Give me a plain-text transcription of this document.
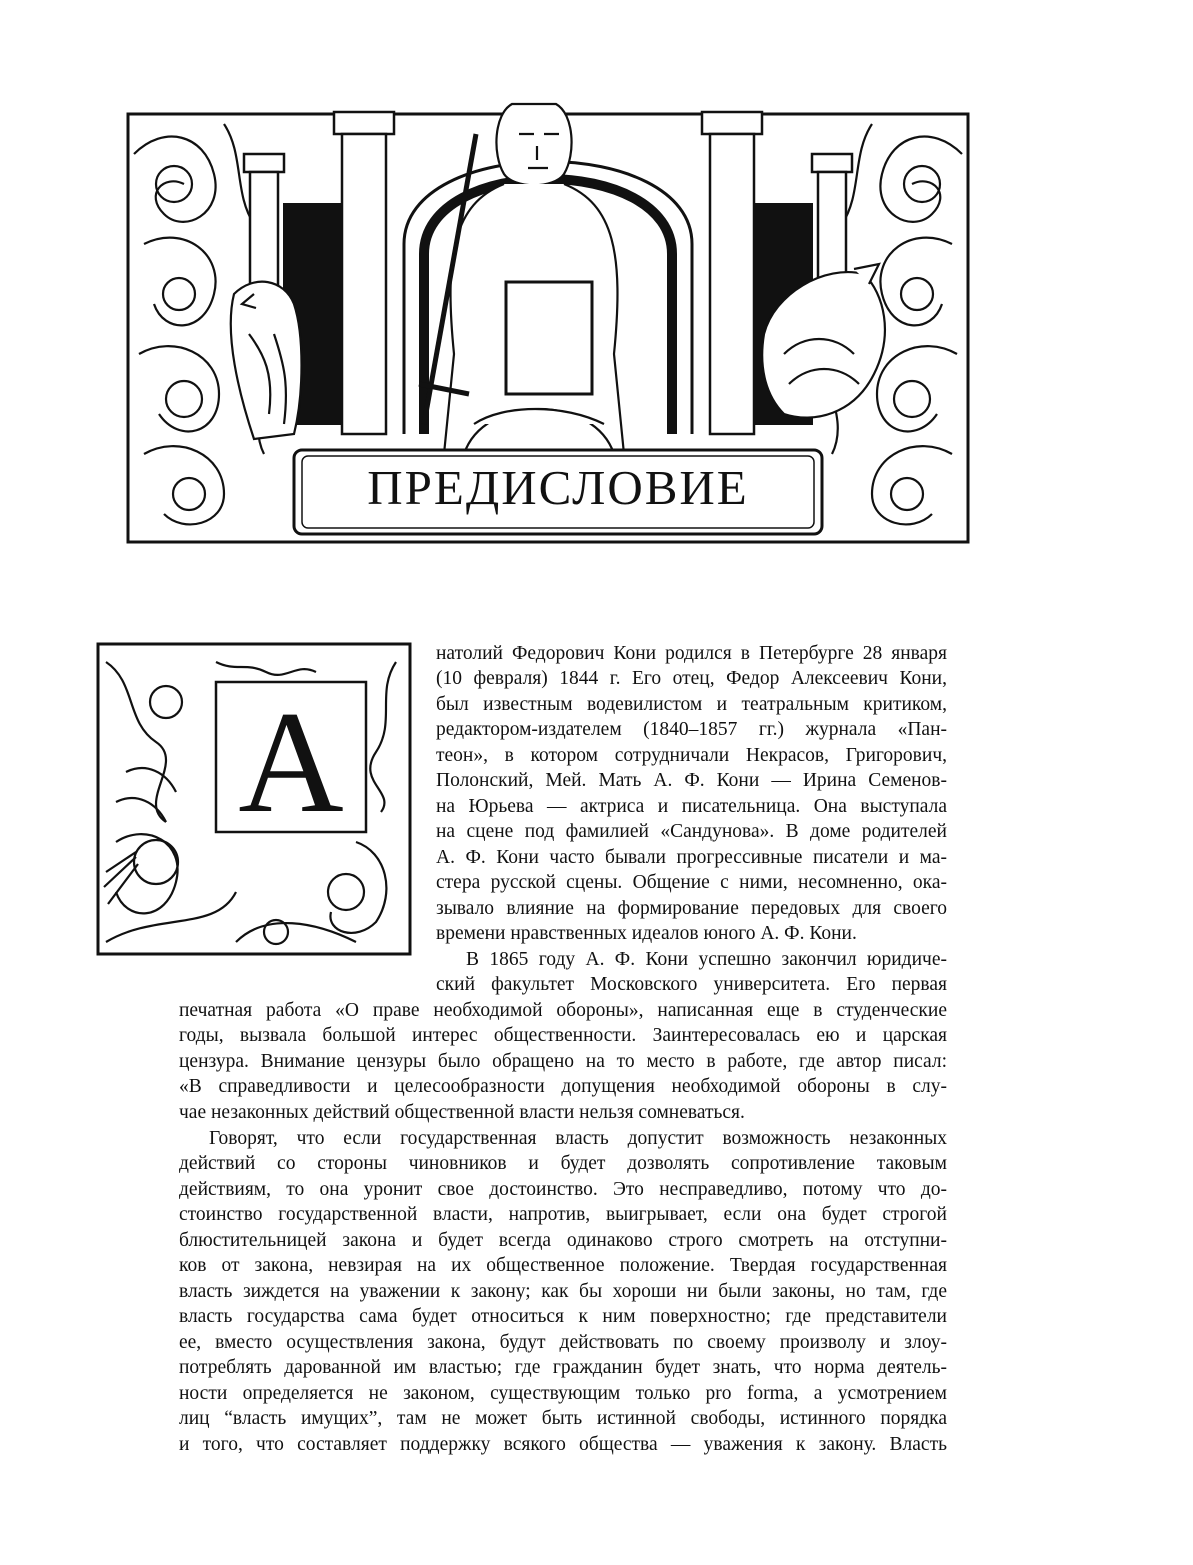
ПРЕДИСЛОВИЕ
А
натолий Федорович Кони родился в Петербурге 28 января
(10 февраля) 1844 г. Его отец, Федор Алексеевич Кони,
был известным водевилистом и театральным критиком,
редактором-издателем (1840–1857 гг.) журнала «Пан-
теон», в котором сотрудничали Некрасов, Григорович,
Полонский, Мей. Мать А. Ф. Кони — Ирина Семенов-
на Юрьева — актриса и писательница. Она выступала
на сцене под фамилией «Сандунова». В доме родителей
А. Ф. Кони часто бывали прогрессивные писатели и ма-
стера русской сцены. Общение с ними, несомненно, ока-
зывало влияние на формирование передовых для своего
времени нравственных идеалов юного А. Ф. Кони.
В 1865 году А. Ф. Кони успешно закончил юридиче-
ский факультет Московского университета. Его первая
печатная работа «О праве необходимой обороны», написанная еще в студенческие
годы, вызвала большой интерес общественности. Заинтересовалась ею и царская
цензура. Внимание цензуры было обращено на то место в работе, где автор писал:
«В справедливости и целесообразности допущения необходимой обороны в слу-
чае незаконных действий общественной власти нельзя сомневаться.
Говорят, что если государственная власть допустит возможность незаконных
действий со стороны чиновников и будет дозволять сопротивление таковым
действиям, то она уронит свое достоинство. Это несправедливо, потому что до-
стоинство государственной власти, напротив, выигрывает, если она будет строгой
блюстительницей закона и будет всегда одинаково строго смотреть на отступни-
ков от закона, невзирая на их общественное положение. Твердая государственная
власть зиждется на уважении к закону; как бы хороши ни были законы, но там, где
власть государства сама будет относиться к ним поверхностно; где представители
ее, вместо осуществления закона, будут действовать по своему произволу и злоу-
потреблять дарованной им властью; где гражданин будет знать, что норма деятель-
ности определяется не законом, существующим только pro forma, а усмотрением
лиц “власть имущих”, там не может быть истинной свободы, истинного порядка
и того, что составляет поддержку всякого общества — уважения к закону. Власть
